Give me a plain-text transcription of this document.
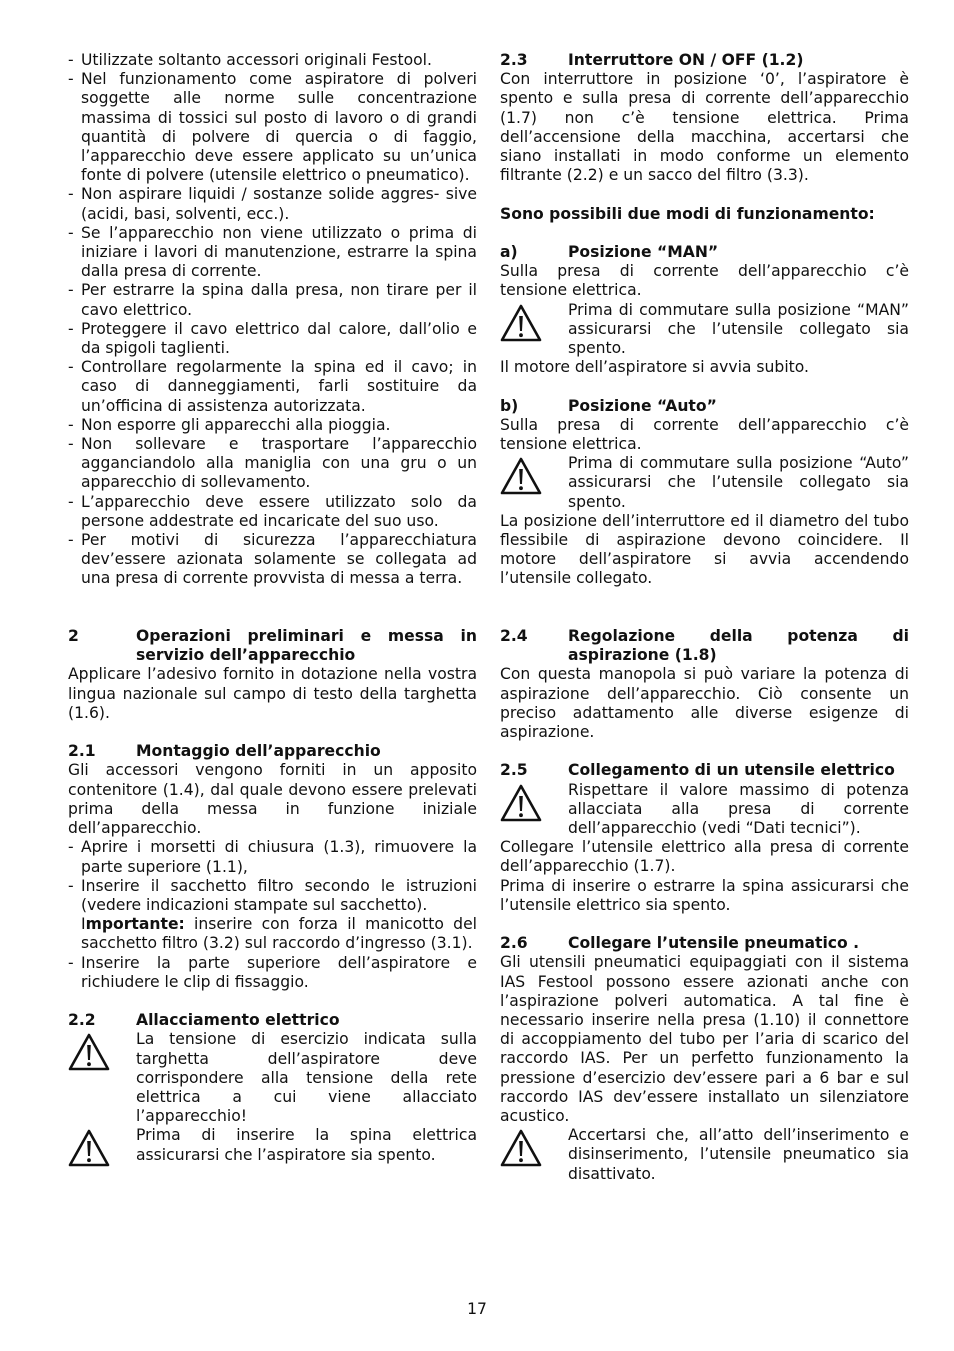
- Utilizzate soltanto accessori originali Festool.
- Nel funzionamento come aspiratore di polveri soggette alle norme sulle concentrazione massima di tossici sul posto di lavoro o di grandi quantità di polvere di quercia o di faggio, l’apparecchio deve essere applicato su un’unica fonte di polvere (utensile elettrico o pneumatico).
- Non aspirare liquidi / sostanze solide aggres- sive (acidi, basi, solventi, ecc.).
- Se l’apparecchio non viene utilizzato o prima di iniziare i lavori di manutenzione, estrarre la spina dalla presa di corrente.
- Per estrarre la spina dalla presa, non tirare per il cavo elettrico.
- Proteggere il cavo elettrico dal calore, dall’olio e da spigoli taglienti.
- Controllare regolarmente la spina ed il cavo; in caso di danneggiamenti, farli sostituire da un’officina di assistenza autorizzata.
- Non esporre gli apparecchi alla pioggia.
- Non sollevare e trasportare l’apparecchio agganciandolo alla maniglia con una gru o un apparecchio di sollevamento.
- L’apparecchio deve essere utilizzato solo da persone addestrate ed incaricate del suo uso.
- Per motivi di sicurezza l’apparecchiatura dev’essere azionata solamente se collegata ad una presa di corrente provvista di messa a terra.
2	Operazioni preliminari e messa in servizio dell’apparecchio

Applicare l’adesivo fornito in dotazione nella vostra lingua nazionale sul campo di testo della targhetta (1.6).

2.1	Montaggio dell’apparecchio

Gli accessori vengono forniti in un apposito contenitore (1.4), dal quale devono essere prelevati prima della messa in funzione iniziale dell’apparecchio.

- Aprire i morsetti di chiusura (1.3), rimuovere la parte superiore (1.1),
- Inserire il sacchetto filtro secondo le istruzioni (vedere indicazioni stampate sul sacchetto).
Importante: inserire con forza il manicotto del sacchetto filtro (3.2) sul raccordo d’ingresso (3.1).
- Inserire la parte superiore dell’aspiratore e richiudere le clip di fissaggio.
2.2	Allacciamento elettrico
La tensione di esercizio indicata sulla targhetta dell’aspiratore deve corrispondere alla tensione della rete elettrica a cui viene allacciato l’apparecchio!
Prima di inserire la spina elettrica assicurarsi che l’aspiratore sia spento.
2.3	Interruttore ON / OFF (1.2)

Con interruttore in posizione ‘0’, l’aspiratore è spento e sulla presa di corrente dell’apparecchio (1.7) non c’è tensione elettrica. Prima dell’accensione della macchina, accertarsi che siano installati in modo conforme un elemento filtrante (2.2) e un sacco del filtro (3.3).

Sono possibili due modi di funzionamento:

a)	Posizione “MAN”

Sulla presa di corrente dell’apparecchio c’è tensione elettrica.

Prima di commutare sulla posizione “MAN” assicurarsi che l’utensile collegato sia spento.

Il motore dell’aspiratore si avvia subito.

b)	Posizione “Auto”

Sulla presa di corrente dell’apparecchio c’è tensione elettrica.

Prima di commutare sulla posizione “Auto” assicurarsi che l’utensile collegato sia spento.

La posizione dell’interruttore ed il diametro del tubo flessibile di aspirazione devono coincidere. Il motore dell’aspiratore si avvia accendendo l’utensile collegato.

2.4	Regolazione della potenza di aspirazione (1.8)

Con questa manopola si può variare la potenza di aspirazione dell’apparecchio. Ciò consente un preciso adattamento alle diverse esigenze di aspirazione.

2.5	Collegamento di un utensile elettrico
Rispettare il valore massimo di potenza allacciata alla presa di corrente dell’apparecchio (vedi “Dati tecnici”).

Collegare l’utensile elettrico alla presa di corrente dell’apparecchio (1.7).

Prima di inserire o estrarre la spina assicurarsi che l’utensile elettrico sia spento.

2.6	Collegare l’utensile pneumatico .

Gli utensili pneumatici equipaggiati con il sistema IAS Festool possono essere azionati anche con l’aspirazione polveri automatica. A tal fine è necessario inserire nella presa (1.10) il connettore di accoppiamento del tubo per l’aria di scarico del raccordo IAS. Per un perfetto funzionamento la pressione d’esercizio dev’essere pari a 6 bar e sul raccordo IAS dev’essere installato un silenziatore acustico.

Accertarsi che, all’atto dell’inserimento e disinserimento, l’utensile pneumatico sia disattivato.
17
